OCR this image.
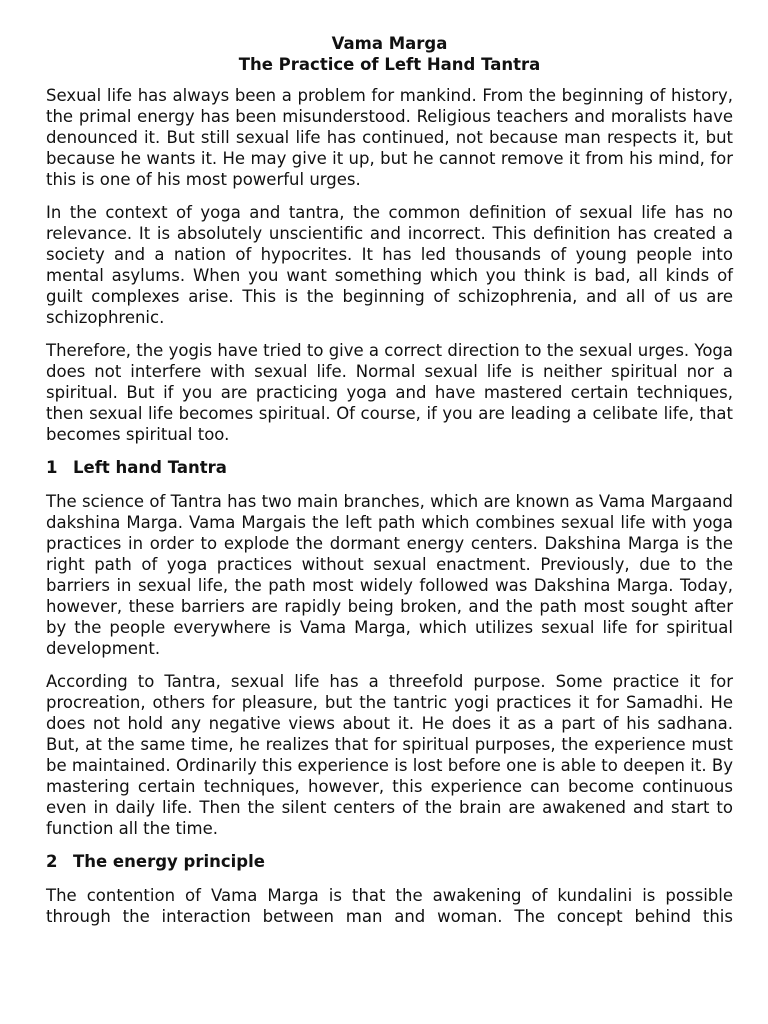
Vama Marga
The Practice of Left Hand Tantra

Sexual life has always been a problem for mankind. From the beginning of history, the primal energy has been misunderstood. Religious teachers and moralists have denounced it. But still sexual life has continued, not because man respects it, but because he wants it. He may give it up, but he cannot remove it from his mind, for this is one of his most powerful urges.

In the context of yoga and tantra, the common definition of sexual life has no relevance. It is absolutely unscientific and incorrect. This definition has created a society and a nation of hypocrites. It has led thousands of young people into mental asylums. When you want something which you think is bad, all kinds of guilt complexes arise. This is the beginning of schizophrenia, and all of us are schizophrenic.

Therefore, the yogis have tried to give a correct direction to the sexual urges. Yoga does not interfere with sexual life. Normal sexual life is neither spiritual nor a spiritual. But if you are practicing yoga and have mastered certain techniques, then sexual life becomes spiritual. Of course, if you are leading a celibate life, that becomes spiritual too.

1 Left hand Tantra

The science of Tantra has two main branches, which are known as Vama Margaand dakshina Marga. Vama Margais the left path which combines sexual life with yoga practices in order to explode the dormant energy centers. Dakshina Marga is the right path of yoga practices without sexual enactment. Previously, due to the barriers in sexual life, the path most widely followed was Dakshina Marga. Today, however, these barriers are rapidly being broken, and the path most sought after by the people everywhere is Vama Marga, which utilizes sexual life for spiritual development.

According to Tantra, sexual life has a threefold purpose. Some practice it for procreation, others for pleasure, but the tantric yogi practices it for Samadhi. He does not hold any negative views about it. He does it as a part of his sadhana. But, at the same time, he realizes that for spiritual purposes, the experience must be maintained. Ordinarily this experience is lost before one is able to deepen it. By mastering certain techniques, however, this experience can become continuous even in daily life. Then the silent centers of the brain are awakened and start to function all the time.

2 The energy principle

The contention of Vama Marga is that the awakening of kundalini is possible through the interaction between man and woman. The concept behind this
